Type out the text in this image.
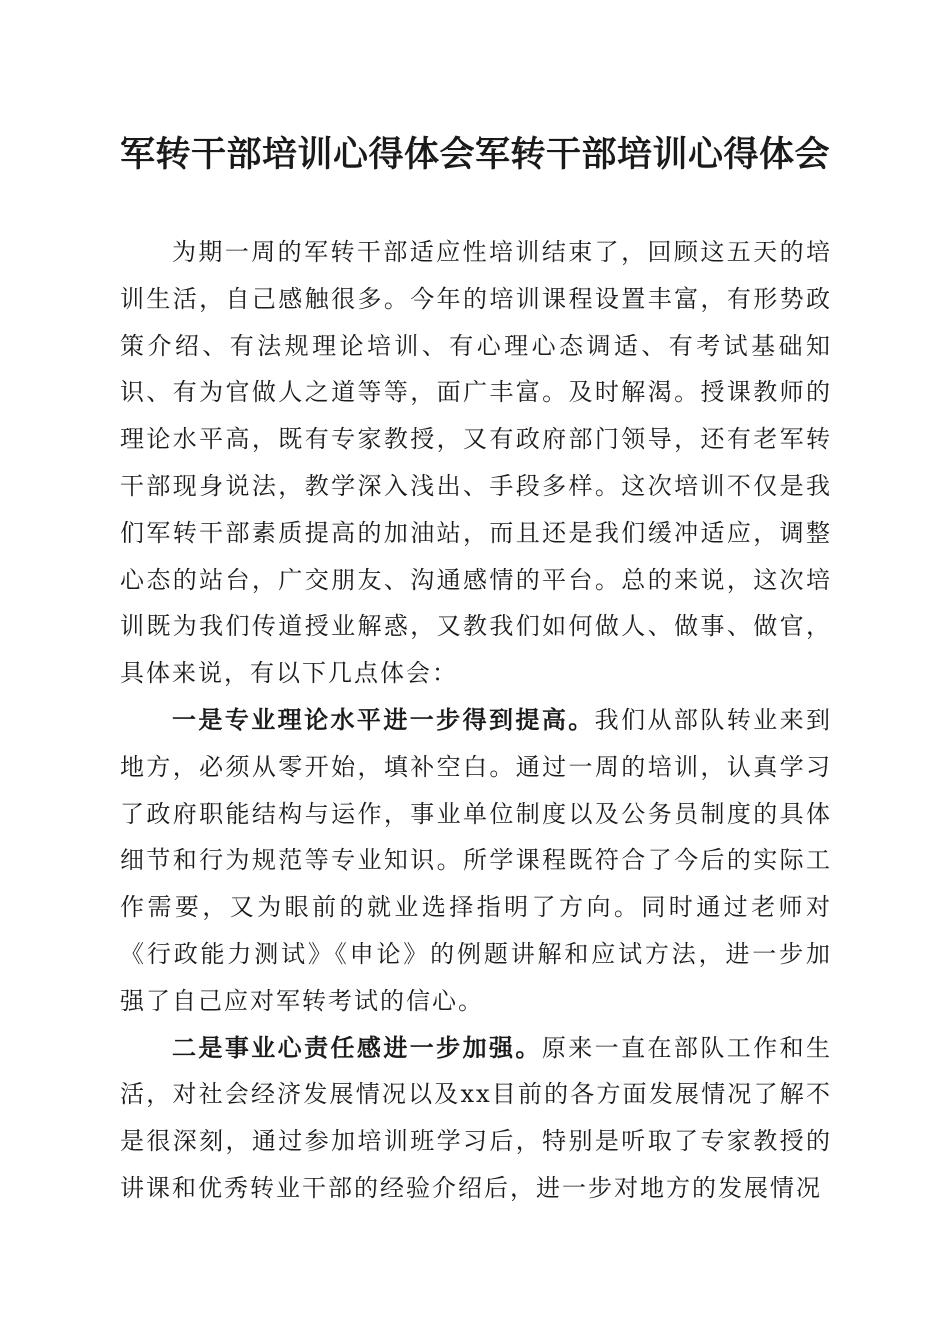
军转干部培训心得体会军转干部培训心得体会

为期一周的军转干部适应性培训结束了，回顾这五天的培训生活，自己感触很多。今年的培训课程设置丰富，有形势政策介绍、有法规理论培训、有心理心态调适、有考试基础知识、有为官做人之道等等，面广丰富。及时解渴。授课教师的理论水平高，既有专家教授，又有政府部门领导，还有老军转干部现身说法，教学深入浅出、手段多样。这次培训不仅是我们军转干部素质提高的加油站，而且还是我们缓冲适应，调整心态的站台，广交朋友、沟通感情的平台。总的来说，这次培训既为我们传道授业解惑，又教我们如何做人、做事、做官，具体来说，有以下几点体会：

一是专业理论水平进一步得到提高。我们从部队转业来到地方，必须从零开始，填补空白。通过一周的培训，认真学习了政府职能结构与运作，事业单位制度以及公务员制度的具体细节和行为规范等专业知识。所学课程既符合了今后的实际工作需要，又为眼前的就业选择指明了方向。同时通过老师对《行政能力测试》《申论》的例题讲解和应试方法，进一步加强了自己应对军转考试的信心。

二是事业心责任感进一步加强。原来一直在部队工作和生活，对社会经济发展情况以及xx目前的各方面发展情况了解不是很深刻，通过参加培训班学习后，特别是听取了专家教授的讲课和优秀转业干部的经验介绍后，进一步对地方的发展情况
